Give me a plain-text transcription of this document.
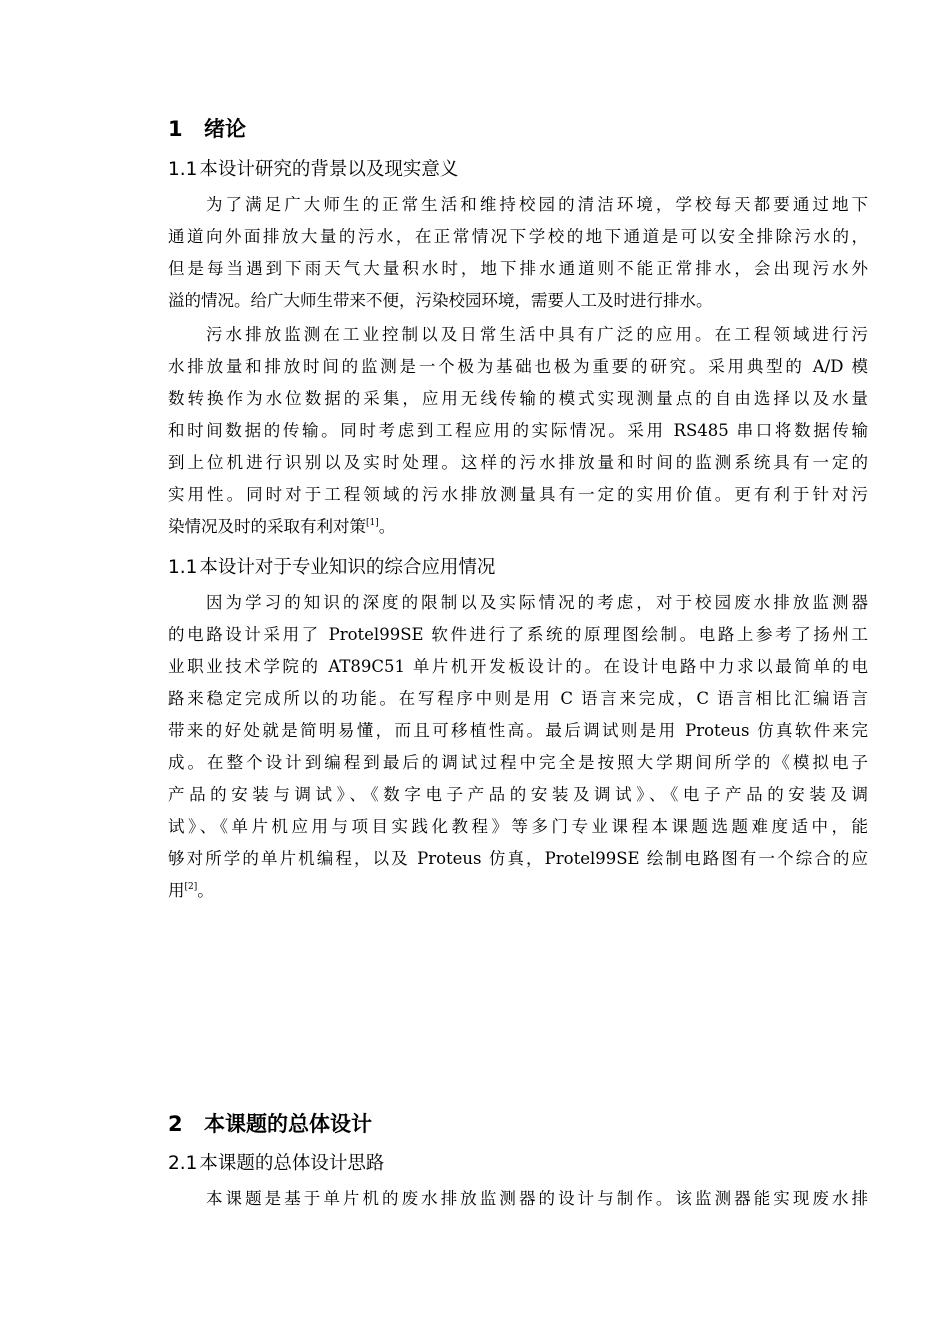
1 绪论
1.1 本设计研究的背景以及现实意义
为了满足广大师生的正常生活和维持校园的清洁环境，学校每天都要通过地下
通道向外面排放大量的污水，在正常情况下学校的地下通道是可以安全排除污水的，
但是每当遇到下雨天气大量积水时，地下排水通道则不能正常排水，会出现污水外
溢的情况。给广大师生带来不便，污染校园环境，需要人工及时进行排水。
污水排放监测在工业控制以及日常生活中具有广泛的应用。在工程领域进行污
水排放量和排放时间的监测是一个极为基础也极为重要的研究。采用典型的 A/D 模
数转换作为水位数据的采集，应用无线传输的模式实现测量点的自由选择以及水量
和时间数据的传输。同时考虑到工程应用的实际情况。采用 RS485 串口将数据传输
到上位机进行识别以及实时处理。这样的污水排放量和时间的监测系统具有一定的
实用性。同时对于工程领域的污水排放测量具有一定的实用价值。更有利于针对污
染情况及时的采取有利对策[1]。
1.1 本设计对于专业知识的综合应用情况
因为学习的知识的深度的限制以及实际情况的考虑，对于校园废水排放监测器
的电路设计采用了 Protel99SE 软件进行了系统的原理图绘制。电路上参考了扬州工
业职业技术学院的 AT89C51 单片机开发板设计的。在设计电路中力求以最简单的电
路来稳定完成所以的功能。在写程序中则是用 C 语言来完成，C 语言相比汇编语言
带来的好处就是简明易懂，而且可移植性高。最后调试则是用 Proteus 仿真软件来完
成。在整个设计到编程到最后的调试过程中完全是按照大学期间所学的《模拟电子
产品的安装与调试》、《数字电子产品的安装及调试》、《电子产品的安装及调
试》、《单片机应用与项目实践化教程》等多门专业课程本课题选题难度适中，能
够对所学的单片机编程，以及 Proteus 仿真，Protel99SE 绘制电路图有一个综合的应
用[2]。
2 本课题的总体设计
2.1 本课题的总体设计思路
本课题是基于单片机的废水排放监测器的设计与制作。该监测器能实现废水排
